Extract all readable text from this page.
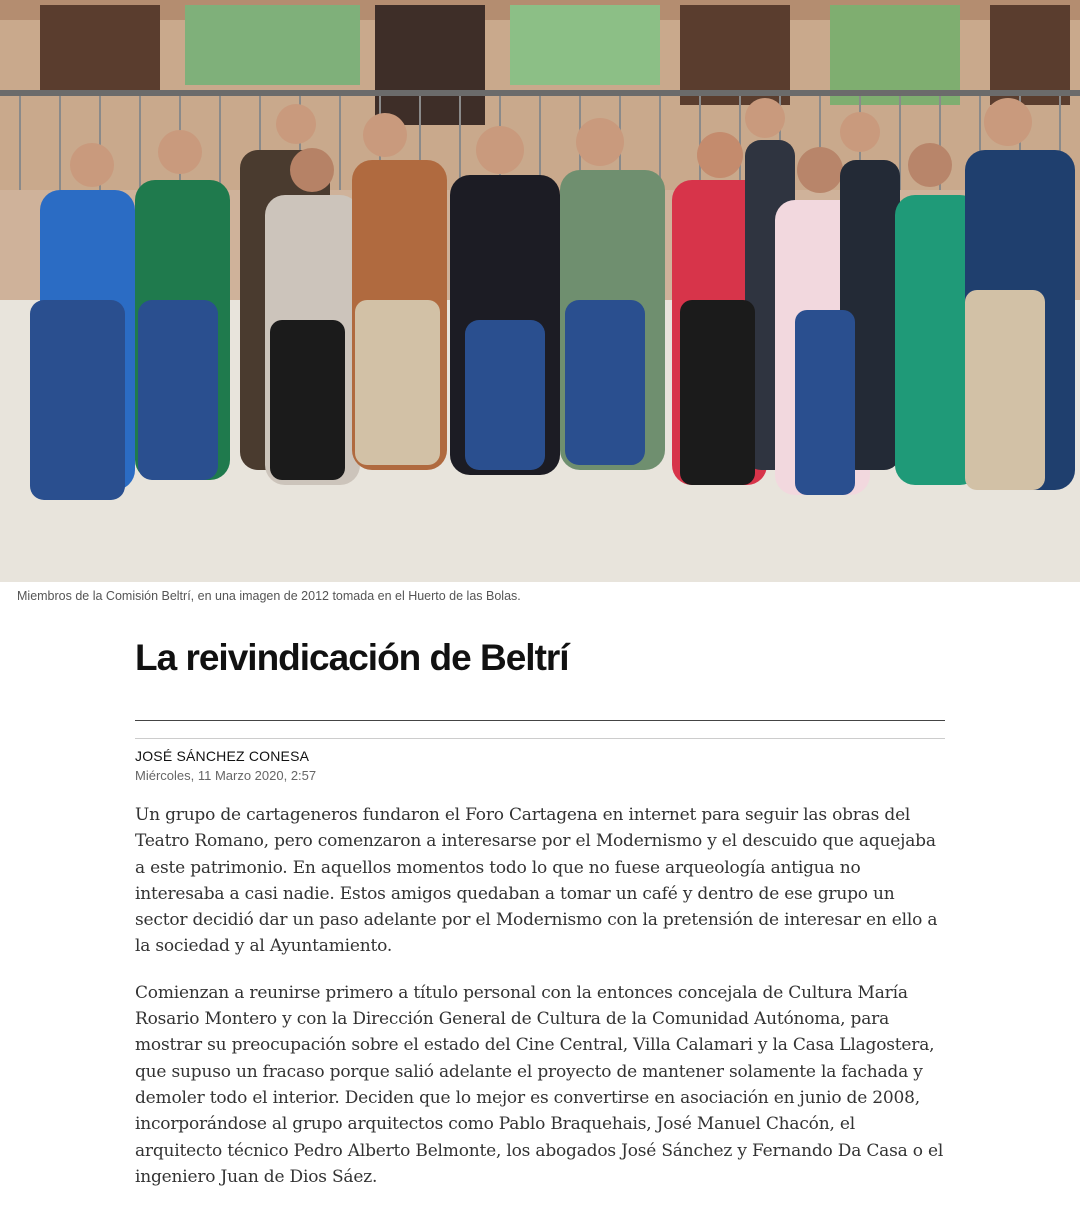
Miembros de la Comisión Beltrí, en una imagen de 2012 tomada en el Huerto de las Bolas.
La reivindicación de Beltrí
JOSÉ SÁNCHEZ CONESA
Miércoles, 11 Marzo 2020, 2:57

Un grupo de cartageneros fundaron el Foro Cartagena en internet para seguir las obras del Teatro Romano, pero comenzaron a interesarse por el Modernismo y el descuido que aquejaba a este patrimonio. En aquellos momentos todo lo que no fuese arqueología antigua no interesaba a casi nadie. Estos amigos quedaban a tomar un café y dentro de ese grupo un sector decidió dar un paso adelante por el Modernismo con la pretensión de interesar en ello a la sociedad y al Ayuntamiento.

Comienzan a reunirse primero a título personal con la entonces concejala de Cultura María Rosario Montero y con la Dirección General de Cultura de la Comunidad Autónoma, para mostrar su preocupación sobre el estado del Cine Central, Villa Calamari y la Casa Llagostera, que supuso un fracaso porque salió adelante el proyecto de mantener solamente la fachada y demoler todo el interior. Deciden que lo mejor es convertirse en asociación en junio de 2008, incorporándose al grupo arquitectos como Pablo Braquehais, José Manuel Chacón, el arquitecto técnico Pedro Alberto Belmonte, los abogados José Sánchez y Fernando Da Casa o el ingeniero Juan de Dios Sáez.
